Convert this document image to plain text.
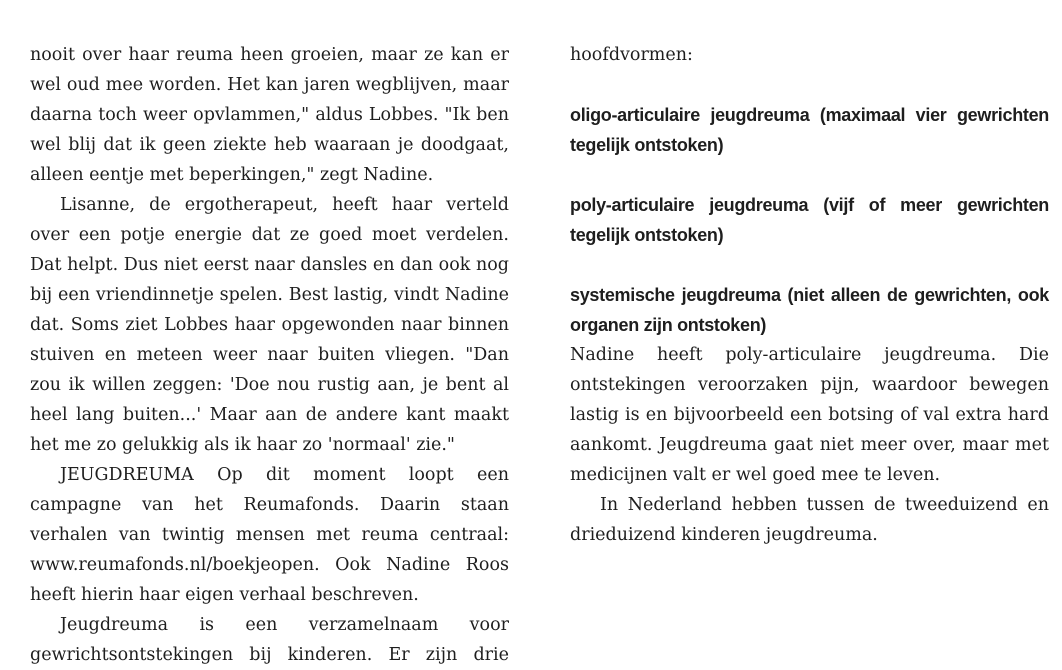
nooit over haar reuma heen groeien, maar ze kan er wel oud mee worden. Het kan jaren wegblijven, maar daarna toch weer opvlammen," aldus Lobbes. "Ik ben wel blij dat ik geen ziekte heb waaraan je doodgaat, alleen eentje met beperkingen," zegt Nadine.

Lisanne, de ergotherapeut, heeft haar verteld over een potje energie dat ze goed moet verdelen. Dat helpt. Dus niet eerst naar dansles en dan ook nog bij een vriendinnetje spelen. Best lastig, vindt Nadine dat. Soms ziet Lobbes haar opgewonden naar binnen stuiven en meteen weer naar buiten vliegen. "Dan zou ik willen zeggen: 'Doe nou rustig aan, je bent al heel lang buiten...' Maar aan de andere kant maakt het me zo gelukkig als ik haar zo 'normaal' zie."

JEUGDREUMA Op dit moment loopt een campagne van het Reumafonds. Daarin staan verhalen van twintig mensen met reuma centraal: www.reumafonds.nl/boekjeopen. Ook Nadine Roos heeft hierin haar eigen verhaal beschreven.

Jeugdreuma is een verzamelnaam voor gewrichtsontstekingen bij kinderen. Er zijn drie

hoofdvormen:

oligo-articulaire jeugdreuma (maximaal vier gewrichten tegelijk ontstoken)

poly-articulaire jeugdreuma (vijf of meer gewrichten tegelijk ontstoken)

systemische jeugdreuma (niet alleen de gewrichten, ook organen zijn ontstoken)

Nadine heeft poly-articulaire jeugdreuma. Die ontstekingen veroorzaken pijn, waardoor bewegen lastig is en bijvoorbeeld een botsing of val extra hard aankomt. Jeugdreuma gaat niet meer over, maar met medicijnen valt er wel goed mee te leven.

In Nederland hebben tussen de tweeduizend en drieduizend kinderen jeugdreuma.
